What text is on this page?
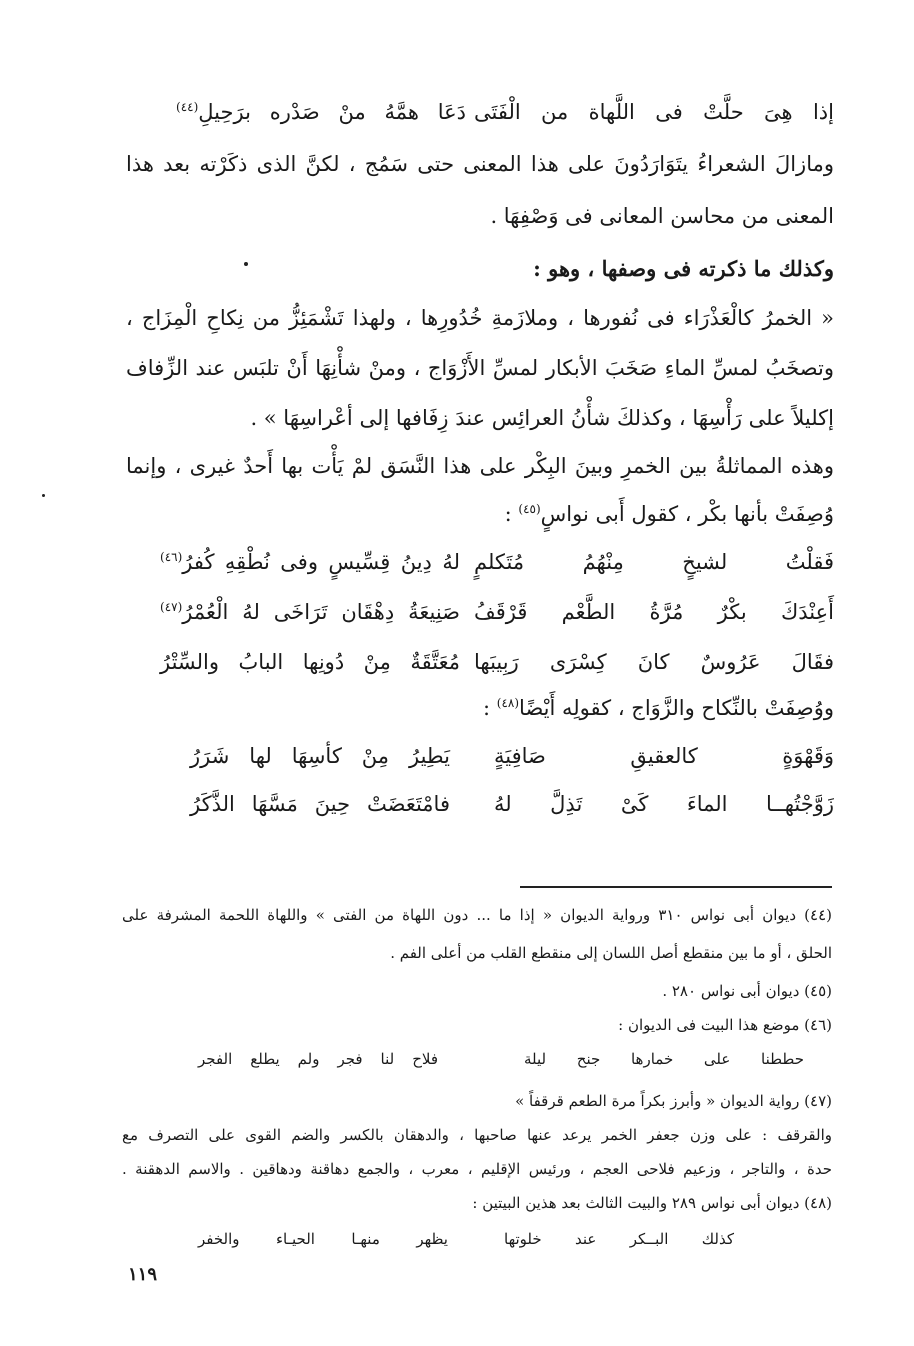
إذا هِىَ حلَّتْ فى اللَّهاة من الْفَتَى
دَعَا همَّهُ منْ صَدْره برَحِيلِ$^{(٤٤)}$
ومازالَ الشعراءُ يتَوَارَدُونَ على هذا المعنى حتى سَمُج ، لكنَّ الذى ذكَرْته بعد هذا
المعنى من محاسن المعانى فى وَصْفِهَا .
وكذلك ما ذكرته فى وصفها ، وهو :
« الخمرُ كالْعَذْرَاء فى نُفورها ، وملازَمةِ خُدُورِها ، ولهذا تَشْمَئِزُّ من نِكاحِ الْمِزَاج ،
وتصخَبُ لمسِّ الماءِ صَخَبَ الأبكار لمسِّ الأَزْوَاج ، ومنْ شأْنِهَا أَنْ تلبَس عند الزِّفاف
إكليلاً على رَأْسِهَا ، وكذلكَ شأْنُ العرائِس عندَ زِفَافها إلى أعْراسِهَا » .
وهذه المماثلةُ بين الخمرِ وبينَ البِكْر على هذا النَّسَق لمْ يَأْت بها أَحدٌ غيرى ، وإنما
وُصِفَتْ بأنها بكْر ، كقول أَبى نواسٍ$^{(٤٥)}$ :
فَقلْتُ لشيخٍ مِنْهُمُ مُتَكلمٍ
لهُ دِينُ قِسِّيسٍ وفى نُطْقِهِ كُفرُ$^{(٤٦)}$
أَعِنْدَكَ بكْرٌ مُرَّةُ الطَّعْم قَرْقَفُ
صَنِيعَةُ دِهْقَان تَرَاخَى لهُ الْعُمْرُ$^{(٤٧)}$
فقَالَ عَرُوسٌ كانَ كِسْرَى رَبِيبَها
مُعَتَّقَةٌ مِنْ دُونِها البابُ والسِّتْرُ
ووُصِفَتْ بالنِّكاح والزَّوَاج ، كقولِه أَيْضًا$^{(٤٨)}$ :
وَقَهْوَةٍ كالعقيقِ صَافِيَةٍ
يَطِيرُ مِنْ كأسِهَا لها شَرَرُ
زَوَّجْتُهــا الماءَ كَىْ تَذِلَّ لهُ
فامْتَعَضَتْ حِينَ مَسَّهَا الذَّكَرُ
(٤٤) ديوان أبى نواس ٣١٠ ورواية الديوان « إذا ما ... دون اللهاة من الفتى » واللهاة اللحمة المشرفة على
الحلق ، أو ما بين منقطع أصل اللسان إلى منقطع القلب من أعلى الفم .
(٤٥) ديوان أبى نواس ٢٨٠ .
(٤٦) موضع هذا البيت فى الديوان :
حططنا على خمارها جنح ليلة
فلاح لنا فجر ولم يطلع الفجر
(٤٧) رواية الديوان « وأبرز بكراً مرة الطعم قرقفاً »
والقرقف : على وزن جعفر الخمر يرعد عنها صاحبها ، والدهقان بالكسر والضم القوى على التصرف مع
حدة ، والتاجر ، وزعيم فلاحى العجم ، ورئيس الإقليم ، معرب ، والجمع دهاقنة ودهاقين . والاسم الدهقنة .
(٤٨) ديوان أبى نواس ٢٨٩ والبيت الثالث بعد هذين البيتين :
كذلك البــكر عند خلوتها
يظهر منهـا الحيـاء والخفر
١١٩
